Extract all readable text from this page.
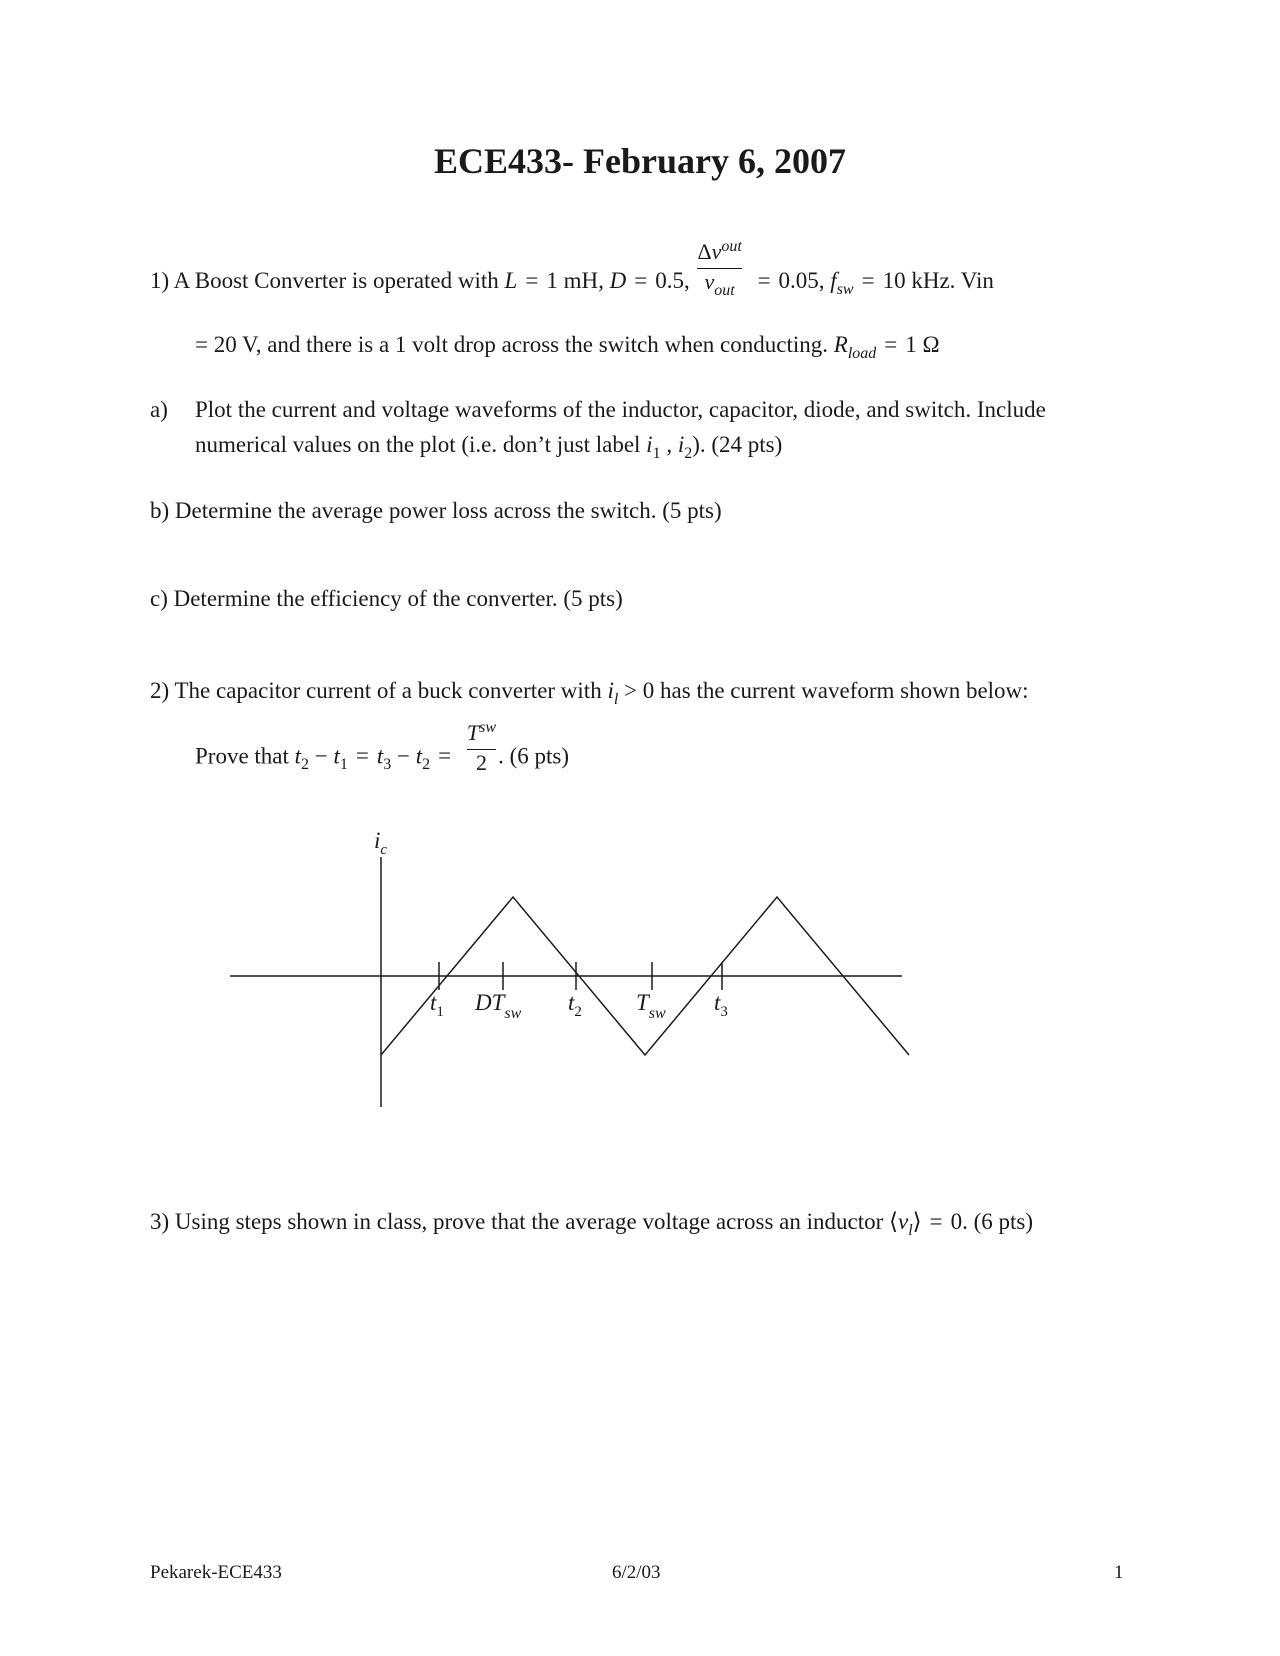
ECE433- February 6, 2007
1) A Boost Converter is operated with L = 1 mH, D = 0.5, $\frac{\Delta v^{out}}{v_{out}} = 0.05$, $f_{sw} = 10$ kHz. Vin
= 20 V, and there is a 1 volt drop across the switch when conducting. $R_{load} = 1$ Ω
a) Plot the current and voltage waveforms of the inductor, capacitor, diode, and switch. Include
numerical values on the plot (i.e. don’t just label $i_1$ , $i_2$). (24 pts)
b) Determine the average power loss across the switch. (5 pts)
c) Determine the efficiency of the converter. (5 pts)
2) The capacitor current of a buck converter with $i_l > 0$ has the current waveform shown below:
Prove that $t_2 - t_1 = t_3 - t_2 = \frac{T^{sw}}{2}$ . (6 pts)
$i_c$
$t_1$ $DT_{sw}$ $t_2$ $T_{sw}$ $t_3$
3) Using steps shown in class, prove that the average voltage across an inductor $⟨v_l⟩ = 0$. (6 pts)
Pekarek-ECE433	6/2/03	1
